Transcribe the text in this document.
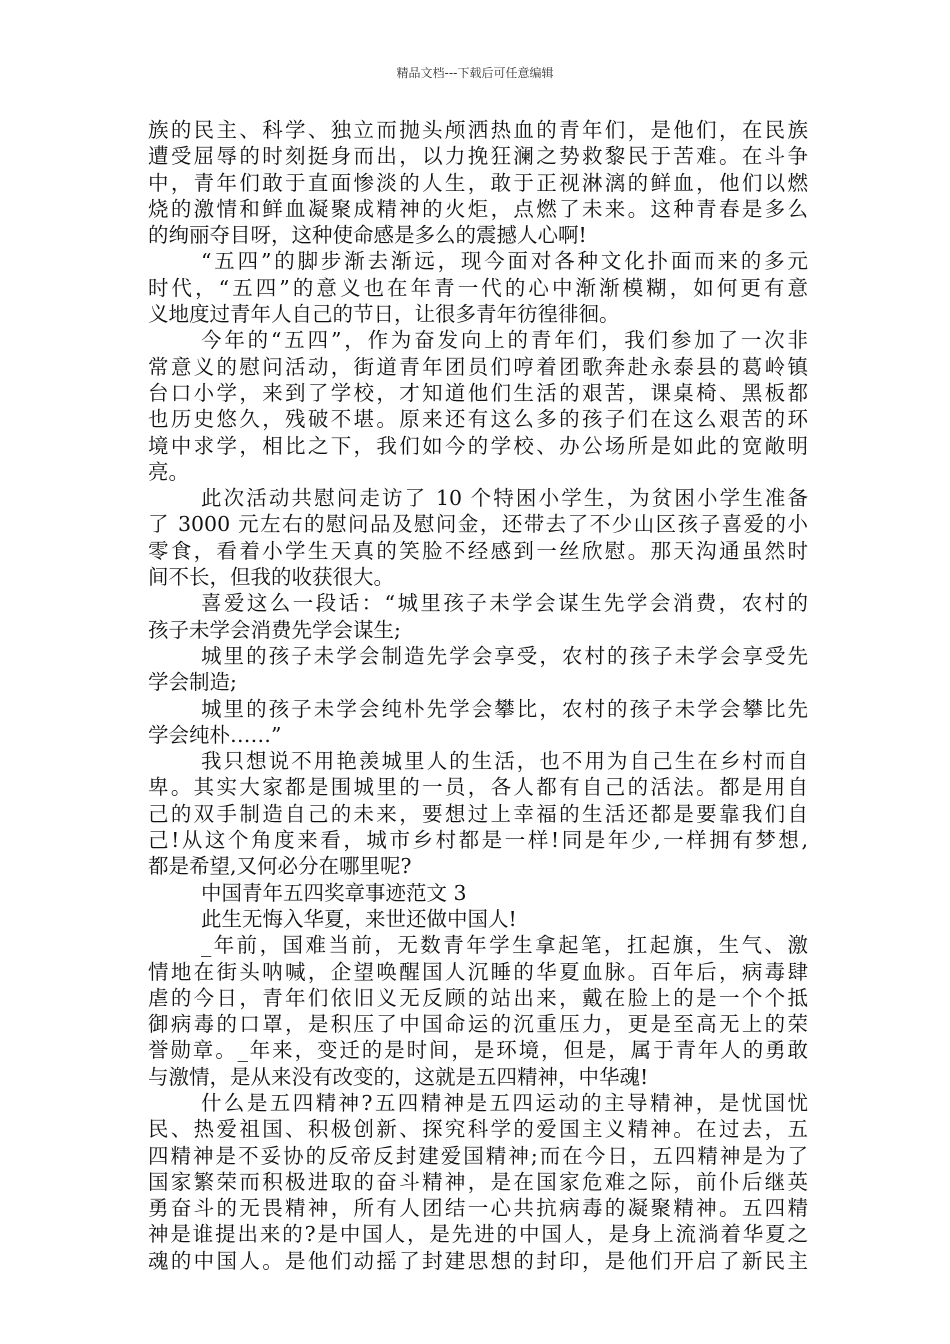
精品文档---下载后可任意编辑
族的民主、科学、独立而抛头颅洒热血的青年们，是他们，在民族
遭受屈辱的时刻挺身而出，以力挽狂澜之势救黎民于苦难。在斗争
中，青年们敢于直面惨淡的人生，敢于正视淋漓的鲜血，他们以燃
烧的激情和鲜血凝聚成精神的火炬，点燃了未来。这种青春是多么
的绚丽夺目呀，这种使命感是多么的震撼人心啊!
“五四”的脚步渐去渐远，现今面对各种文化扑面而来的多元
时代，“五四”的意义也在年青一代的心中渐渐模糊，如何更有意
义地度过青年人自己的节日，让很多青年彷徨徘徊。
今年的“五四”，作为奋发向上的青年们，我们参加了一次非
常意义的慰问活动，街道青年团员们哼着团歌奔赴永泰县的葛岭镇
台口小学，来到了学校，才知道他们生活的艰苦，课桌椅、黑板都
也历史悠久，残破不堪。原来还有这么多的孩子们在这么艰苦的环
境中求学，相比之下，我们如今的学校、办公场所是如此的宽敞明
亮。
此次活动共慰问走访了 10 个特困小学生，为贫困小学生准备
了 3000 元左右的慰问品及慰问金，还带去了不少山区孩子喜爱的小
零食，看着小学生天真的笑脸不经感到一丝欣慰。那天沟通虽然时
间不长，但我的收获很大。
喜爱这么一段话：“城里孩子未学会谋生先学会消费，农村的
孩子未学会消费先学会谋生;
城里的孩子未学会制造先学会享受，农村的孩子未学会享受先
学会制造;
城里的孩子未学会纯朴先学会攀比，农村的孩子未学会攀比先
学会纯朴……”
我只想说不用艳羡城里人的生活，也不用为自己生在乡村而自
卑。其实大家都是围城里的一员，各人都有自己的活法。都是用自
己的双手制造自己的未来，要想过上幸福的生活还都是要靠我们自
己!从这个角度来看，城市乡村都是一样!同是年少,一样拥有梦想,
都是希望,又何必分在哪里呢?
中国青年五四奖章事迹范文 3
此生无悔入华夏，来世还做中国人!
_年前，国难当前，无数青年学生拿起笔，扛起旗，生气、激
情地在街头呐喊，企望唤醒国人沉睡的华夏血脉。百年后，病毒肆
虐的今日，青年们依旧义无反顾的站出来，戴在脸上的是一个个抵
御病毒的口罩，是积压了中国命运的沉重压力，更是至高无上的荣
誉勋章。_年来，变迁的是时间，是环境，但是，属于青年人的勇敢
与激情，是从来没有改变的，这就是五四精神，中华魂!
什么是五四精神?五四精神是五四运动的主导精神，是忧国忧
民、热爱祖国、积极创新、探究科学的爱国主义精神。在过去，五
四精神是不妥协的反帝反封建爱国精神;而在今日，五四精神是为了
国家繁荣而积极进取的奋斗精神，是在国家危难之际，前仆后继英
勇奋斗的无畏精神，所有人团结一心共抗病毒的凝聚精神。五四精
神是谁提出来的?是中国人，是先进的中国人，是身上流淌着华夏之
魂的中国人。是他们动摇了封建思想的封印，是他们开启了新民主
